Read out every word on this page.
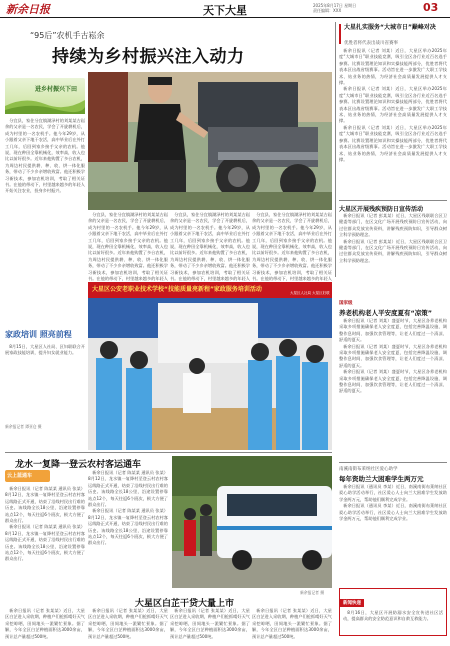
新余日报	天下大星	2025年8月17日 星期日
责任编辑：XXX	03
“95后”农机手古崧余
持续为乡村振兴注入动力
进乡村振兴下田

分宜县，家住分宜镇湖泽村的刘某某古崧余的父亲是一名农民，学会了开旋耕机后，成为村里的一名农机手。他今年29岁，从小跟着父亲下地干农活，高中毕业后在外打工几年，后回到家乡接手父亲的农机。他说，现在种田全靠机械化，效率高，收入也比以前好很多。近年来他购置了多台农机，为周边村民提供耕、种、收、烘一体化服务，带动了不少乡亲增收致富。他还积极学习新技术，参加农机培训，考取了相关证书。在他的带动下，村里越来越多的年轻人开始关注农业，投身乡村振兴。

分宜县，家住分宜镇湖泽村的刘某某古崧余的父亲是一名农民，学会了开旋耕机后，成为村里的一名农机手。他今年29岁，从小跟着父亲下地干农活，高中毕业后在外打工几年，后回到家乡接手父亲的农机。他说，现在种田全靠机械化，效率高，收入也比以前好很多。近年来他购置了多台农机，为周边村民提供耕、种、收、烘一体化服务，带动了不少乡亲增收致富。他还积极学习新技术，参加农机培训，考取了相关证书。在他的带动下，村里越来越多的年轻人

分宜县，家住分宜镇湖泽村的刘某某古崧余的父亲是一名农民，学会了开旋耕机后，成为村里的一名农机手。他今年29岁，从小跟着父亲下地干农活，高中毕业后在外打工几年，后回到家乡接手父亲的农机。他说，现在种田全靠机械化，效率高，收入也比以前好很多。近年来他购置了多台农机，为周边村民提供耕、种、收、烘一体化服务，带动了不少乡亲增收致富。他还积极学习新技术，参加农机培训，考取了相关证书。在他的带动下，村里越来越多的年轻人

分宜县，家住分宜镇湖泽村的刘某某古崧余的父亲是一名农民，学会了开旋耕机后，成为村里的一名农机手。他今年29岁，从小跟着父亲下地干农活，高中毕业后在外打工几年，后回到家乡接手父亲的农机。他说，现在种田全靠机械化，效率高，收入也比以前好很多。近年来他购置了多台农机，为周边村民提供耕、种、收、烘一体化服务，带动了不少乡亲增收致富。他还积极学习新技术，参加农机培训，考取了相关证书。在他的带动下，村里越来越多的年轻人

大星扎实服务“大城市日”巅峰对决
优胜者将代表出战川省赛事

新余日报讯（记者 刘某）近日，大星区举办2025年度“大城市日”职业技能竞赛，吸引全区各行业近百名选手参赛。比赛设置理论知识和实操技能两部分，优胜者将代表本区出战省级赛事。活动旨在进一步激发广大职工学技术、钻业务的热情，为经济社会高质量发展提供人才支撑。

新余日报讯（记者 刘某）近日，大星区举办2025年度“大城市日”职业技能竞赛，吸引全区各行业近百名选手参赛。比赛设置理论知识和实操技能两部分，优胜者将代表本区出战省级赛事。活动旨在进一步激发广大职工学技术、钻业务的热情，为经济社会高质量发展提供人才支撑。

新余日报讯（记者 刘某）近日，大星区举办2025年度“大城市日”职业技能竞赛，吸引全区各行业近百名选手参赛。比赛设置理论知识和实操技能两部分，优胜者将代表本区出战省级赛事。活动旨在进一步激发广大职工学技术、钻业务的热情，为经济社会高质量发展提供人才支撑。

大星区开展残疾预防日宣传活动

新余日报讯（记者 彭某某）近日，大星区残联联合区卫健委等部门，在区文化广场开展残疾预防日宣传活动，向过往群众发放宣传资料，讲解残疾预防知识，引导群众树立科学预防理念。

新余日报讯（记者 彭某某）近日，大星区残联联合区卫健委等部门，在区文化广场开展残疾预防日宣传活动，向过往群众发放宣传资料，讲解残疾预防知识，引导群众树立科学预防理念。

国家级
养老机构老人平安度夏有“凉策”

新余日报讯（记者 刘某）盛夏时节，大星区各养老机构采取多项措施确保老人安全度夏，包括完善降温设施、调整作息时间、加强饮食管理等，让老人们度过一个清凉、舒适的夏天。

新余日报讯（记者 刘某）盛夏时节，大星区各养老机构采取多项措施确保老人安全度夏，包括完善降温设施、调整作息时间、加强饮食管理等，让老人们度过一个清凉、舒适的夏天。

新余日报讯（记者 刘某）盛夏时节，大星区各养老机构采取多项措施确保老人安全度夏，包括完善降温设施、调整作息时间、加强饮食管理等，让老人们度过一个清凉、舒适的夏天。

南溪南街布莱纳社区爱心助学
每年资助兰大困难学生两万元

新余日报讯（通讯员 李某）近日，南溪南街布莱纳社区爱心助学活动举行，社区爱心人士向兰大困难学生发放助学金两万元，帮助他们顺利完成学业。

新余日报讯（通讯员 李某）近日，南溪南街布莱纳社区爱心助学活动举行，社区爱心人士向兰大困难学生发放助学金两万元，帮助他们顺利完成学业。

新闻快递

8月16日，大星区开展防溺水安全宣传进社区活动，提高群众的安全防范意识和自救互救能力。

大星区公安老职业技术学校“技能质量亮新程”家政服务培训活动	大星区人社局 大星区妇联
家政培训 照亮前程

8月15日，大星区人社局、区妇联联合开展家政技能培训，提升妇女就业能力。

新余报记者 谭亚仓 摄
龙水一复降一登云农村客运通车
云上蓝通车

新余日报讯（记者 陈某某 通讯员 张某）8月12日，龙水镇一复降村至登云村农村客运线路正式开通，结束了沿线村民出行难的历史。该线路全长18公里，沿途设置停靠站点12个，每天往返6个班次，极大方便了群众出行。

新余日报讯（记者 陈某某 通讯员 张某）8月12日，龙水镇一复降村至登云村农村客运线路正式开通，结束了沿线村民出行难的历史。该线路全长18公里，沿途设置停靠站点12个，每天往返6个班次，极大方便了群众出行。

新余日报讯（记者 陈某某 通讯员 张某）8月12日，龙水镇一复降村至登云村农村客运线路正式开通，结束了沿线村民出行难的历史。该线路全长18公里，沿途设置停靠站点12个，每天往返6个班次，极大方便了群众出行。

新余日报讯（记者 陈某某 通讯员 张某）8月12日，龙水镇一复降村至登云村农村客运线路正式开通，结束了沿线村民出行难的历史。该线路全长18公里，沿途设置停靠站点12个，每天往返6个班次，极大方便了群众出行。

新余报记者 摄
大星区白芷干贷大量上市

新余日报讯（记者 张某某）近日，大星区白芷进入采收期，种植户们抢抓晴好天气采挖晾晒，田间地头一派繁忙景象。据了解，今年全区白芷种植面积达3000余亩，预计总产量超过500吨。

新余日报讯（记者 张某某）近日，大星区白芷进入采收期，种植户们抢抓晴好天气采挖晾晒，田间地头一派繁忙景象。据了解，今年全区白芷种植面积达3000余亩，预计总产量超过500吨。

新余日报讯（记者 张某某）近日，大星区白芷进入采收期，种植户们抢抓晴好天气采挖晾晒，田间地头一派繁忙景象。据了解，今年全区白芷种植面积达3000余亩，预计总产量超过500吨。

新余日报讯（记者 张某某）近日，大星区白芷进入采收期，种植户们抢抓晴好天气采挖晾晒，田间地头一派繁忙景象。据了解，今年全区白芷种植面积达3000余亩，预计总产量超过500吨。
